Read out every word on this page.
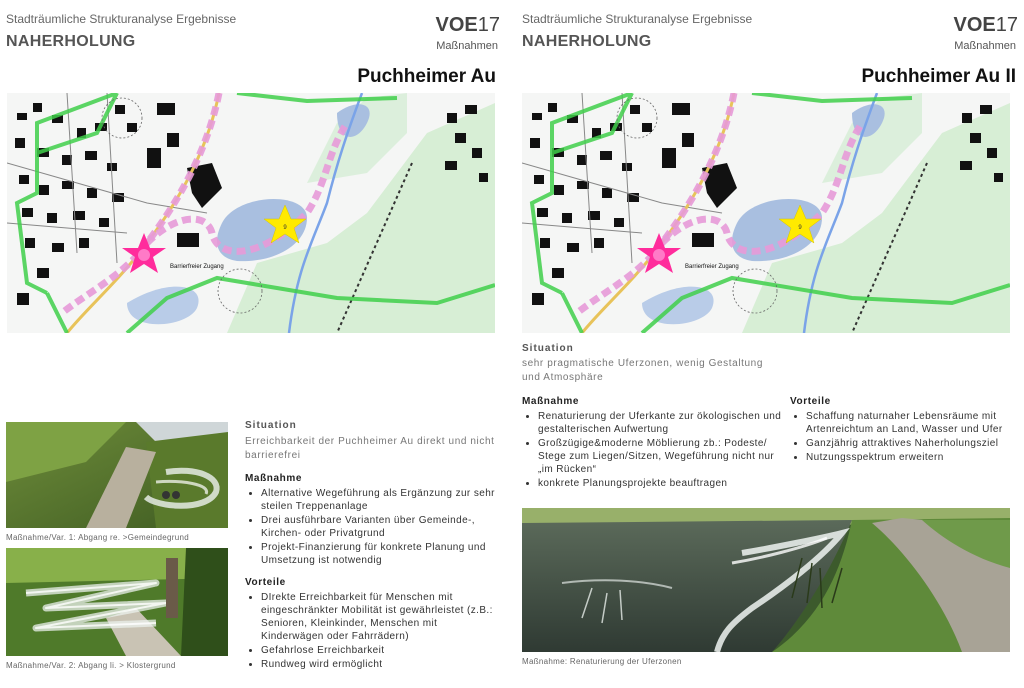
Stadträumliche Strukturanalyse Ergebnisse
NAHERHOLUNG
VOE17
Maßnahmen
Puchheimer Au
9
Barrierfreier Zugang
Maßnahme/Var. 1: Abgang re. >Gemeindegrund
Maßnahme/Var. 2: Abgang li. > Klostergrund
Situation
Erreichbarkeit der Puchheimer Au direkt und nicht barrierefrei
Maßnahme
• Alternative Wegeführung als Ergänzung zur sehr steilen Treppenanlage
• Drei ausführbare Varianten über Gemeinde-, Kirchen- oder Privatgrund
• Projekt-Finanzierung für konkrete Planung und Umsetzung ist notwendig
Vorteile
• DIrekte Erreichbarkeit für Menschen mit eingeschränkter Mobilität ist gewährleistet (z.B.: Senioren, Kleinkinder, Menschen mit Kinderwägen oder Fahrrädern)
• Gefahrlose Erreichbarkeit
• Rundweg wird ermöglicht
Stadträumliche Strukturanalyse Ergebnisse
NAHERHOLUNG
VOE17
Maßnahmen
Puchheimer Au II
9
Barrierfreier Zugang
Situation
sehr pragmatische Uferzonen, wenig Gestaltung und Atmosphäre
Maßnahme
• Renaturierung der Uferkante zur ökologischen und gestalterischen Aufwertung
• Großzügige&moderne Möblierung zb.: Podeste/ Stege zum Liegen/Sitzen, Wegeführung nicht nur „im Rücken“
• konkrete Planungsprojekte beauftragen
Vorteile
• Schaffung naturnaher Lebensräume mit Artenreichtum an Land, Wasser und Ufer
• Ganzjährig attraktives Naherholungsziel
• Nutzungsspektrum erweitern
Maßnahme: Renaturierung der Uferzonen
